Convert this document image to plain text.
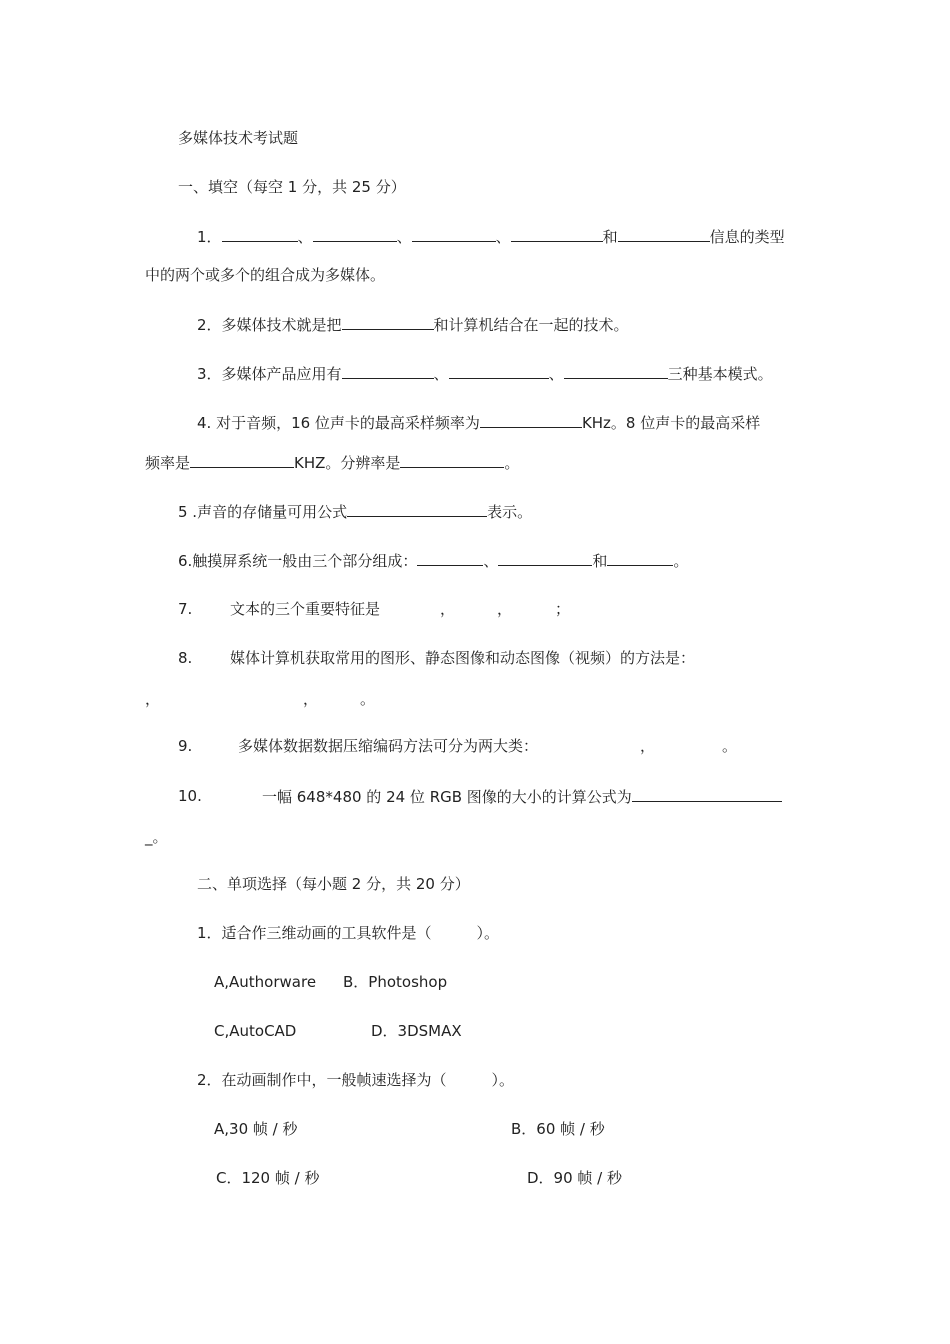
多媒体技术考试题
一、填空（每空 1 分，共 25 分）
1．	、	、	、	和	信息的类型
中的两个或多个的组合成为多媒体。
2．多媒体技术就是把	和计算机结合在一起的技术。
3．多媒体产品应用有	、	、	三种基本模式。
4. 对于音频，16 位声卡的最高采样频率为	KHz。8 位声卡的最高采样
频率是	KHZ。分辨率是	。
5 .声音的存储量可用公式	表示。
6.触摸屏系统一般由三个部分组成：	、	和	。
7.	文本的三个重要特征是	，	，	；
8.	媒体计算机获取常用的图形、静态图像和动态图像（视频）的方法是：
，	，	。
9.	多媒体数据数据压缩编码方法可分为两大类：	，	。
10.	一幅 648*480 的 24 位 RGB 图像的大小的计算公式为
_。
二、单项选择（每小题 2 分，共 20 分）
1．适合作三维动画的工具软件是（　　　）。
A,Authorware B．Photoshop
C,AutoCAD	D．3DSMAX
2．在动画制作中，一般帧速选择为（　　　）。
A,30 帧 / 秒	B．60 帧 / 秒
C．120 帧 / 秒	D．90 帧 / 秒
